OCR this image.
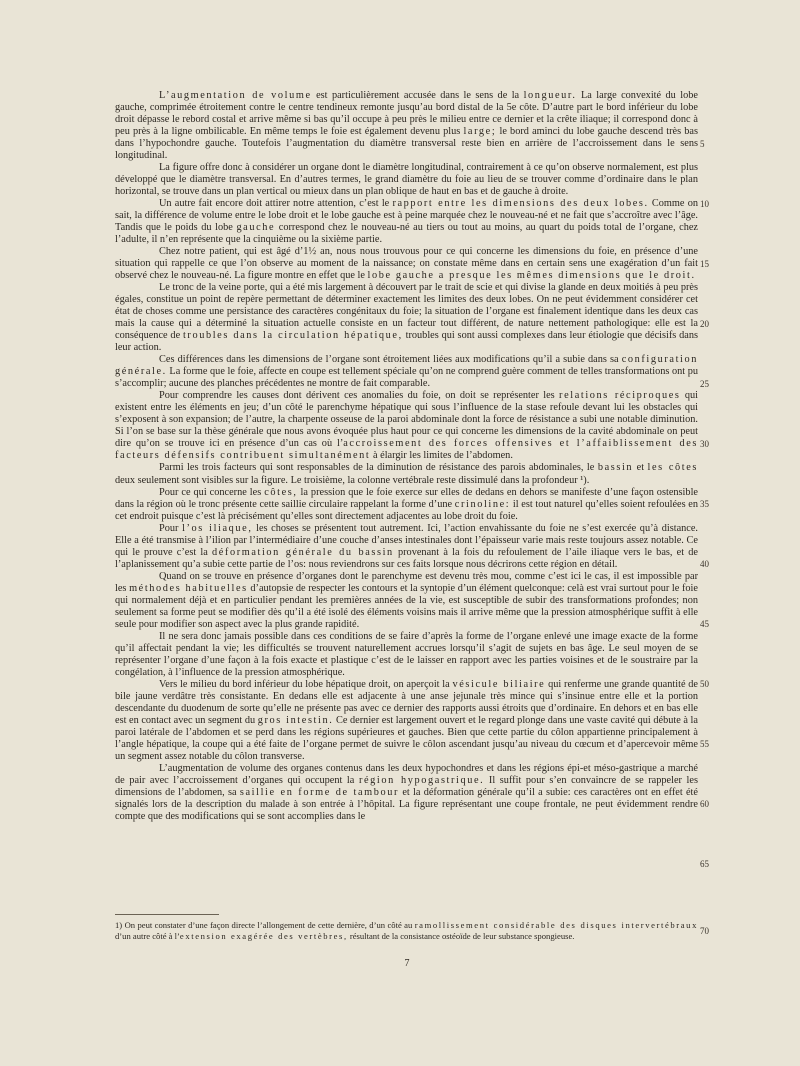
L’augmentation de volume est particulièrement accusée dans le sens de la longueur. La large convexité du lobe gauche, comprimée étroitement contre le centre tendineux remonte jusqu’au bord distal de la 5e côte. D’autre part le bord inférieur du lobe droit dépasse le rebord costal et arrive même si bas qu’il occupe à peu près le milieu entre ce dernier et la crête iliaque; il correspond donc à peu près à la ligne ombilicable. En même temps le foie est également devenu plus large; le bord aminci du lobe gauche descend très bas dans l’hypochondre gauche. Toutefois l’augmentation du diamètre transversal reste bien en arrière de l’accroissement dans le sens longitudinal.

La figure offre donc à considérer un organe dont le diamètre longitudinal, contrairement à ce qu’on observe normalement, est plus développé que le diamètre transversal. En d’autres termes, le grand diamètre du foie au lieu de se trouver comme d’ordinaire dans le plan horizontal, se trouve dans un plan vertical ou mieux dans un plan oblique de haut en bas et de gauche à droite.

Un autre fait encore doit attirer notre attention, c’est le rapport entre les dimensions des deux lobes. Comme on sait, la différence de volume entre le lobe droit et le lobe gauche est à peine marquée chez le nouveau-né et ne fait que s’accroître avec l’âge. Tandis que le poids du lobe gauche correspond chez le nouveau-né au tiers ou tout au moins, au quart du poids total de l’organe, chez l’adulte, il n’en représente que la cinquième ou la sixième partie.

Chez notre patient, qui est âgé d’1½ an, nous nous trouvous pour ce qui concerne les dimensions du foie, en présence d’une situation qui rappelle ce que l’on observe au moment de la naissance; on constate même dans en certain sens une exagération d’un fait observé chez le nouveau-né. La figure montre en effet que le lobe gauche a presque les mêmes dimensions que le droit.

Le tronc de la veine porte, qui a été mis largement à découvert par le trait de scie et qui divise la glande en deux moitiés à peu près égales, constitue un point de repère permettant de déterminer exactement les limites des deux lobes. On ne peut évidemment considérer cet état de choses comme une persistance des caractères congénitaux du foie; la situation de l’organe est finalement identique dans les deux cas mais la cause qui a déterminé la situation actuelle consiste en un facteur tout différent, de nature nettement pathologique: elle est la conséquence de troubles dans la circulation hépatique, troubles qui sont aussi complexes dans leur étiologie que décisifs dans leur action.

Ces différences dans les dimensions de l’organe sont étroitement liées aux modifications qu’il a subie dans sa configuration générale. La forme que le foie, affecte en coupe est tellement spéciale qu’on ne comprend guère comment de telles transformations ont pu s’accomplir; aucune des planches précédentes ne montre de fait comparable.

Pour comprendre les causes dont dérivent ces anomalies du foie, on doit se représenter les relations réciproques qui existent entre les éléments en jeu; d’un côté le parenchyme hépatique qui sous l’influence de la stase refoule devant lui les obstacles qui s’exposent à son expansion; de l’autre, la charpente osseuse de la paroi abdominale dont la force de résistance a subi une notable diminution. Si l’on se base sur la thèse générale que nous avons évoquée plus haut pour ce qui concerne les dimensions de la cavité abdominale on peut dire qu’on se trouve ici en présence d’un cas où l’accroissement des forces offensives et l’affaiblissement des facteurs défensifs contribuent simultanément à élargir les limites de l’abdomen.

Parmi les trois facteurs qui sont responsables de la diminution de résistance des parois abdominales, le bassin et les côtes deux seulement sont visibles sur la figure. Le troisième, la colonne vertébrale reste dissimulé dans la profondeur ¹).

Pour ce qui concerne les côtes, la pression que le foie exerce sur elles de dedans en dehors se manifeste d’une façon ostensible dans la région où le tronc présente cette saillie circulaire rappelant la forme d’une crinoline: il est tout naturel qu’elles soient refoulées en cet endroit puisque c’est là précisément qu’elles sont directement adjacentes au lobe droit du foie.

Pour l’os iliaque, les choses se présentent tout autrement. Ici, l’action envahissante du foie ne s’est exercée qu’à distance. Elle a été transmise à l’ilion par l’intermédiaire d’une couche d’anses intestinales dont l’épaisseur varie mais reste toujours assez notable. Ce qui le prouve c’est la déformation générale du bassin provenant à la fois du refoulement de l’aile iliaque vers le bas, et de l’aplanissement qu’a subie cette partie de l’os: nous reviendrons sur ces faits lorsque nous décrirons cette région en détail.

Quand on se trouve en présence d’organes dont le parenchyme est devenu très mou, comme c’est ici le cas, il est impossible par les méthodes habituelles d’autopsie de respecter les contours et la syntopie d’un élément quelconque: celà est vrai surtout pour le foie qui normalement déjà et en particulier pendant les premières années de la vie, est susceptible de subir des transformations profondes; non seulement sa forme peut se modifier dès qu’il a été isolé des éléments voisins mais il arrive même que la pression atmosphérique suffit à elle seule pour modifier son aspect avec la plus grande rapidité.

Il ne sera donc jamais possible dans ces conditions de se faire d’après la forme de l’organe enlevé une image exacte de la forme qu’il affectait pendant la vie; les difficultés se trouvent naturellement accrues lorsqu’il s’agit de sujets en bas âge. Le seul moyen de se représenter l’organe d’une façon à la fois exacte et plastique c’est de le laisser en rapport avec les parties voisines et de le soustraire par la congélation, à l’influence de la pression atmosphérique.

Vers le milieu du bord inférieur du lobe hépatique droit, on aperçoit la vésicule biliaire qui renferme une grande quantité de bile jaune verdâtre très consistante. En dedans elle est adjacente à une anse jejunale très mince qui s’insinue entre elle et la portion descendante du duodenum de sorte qu’elle ne présente pas avec ce dernier des rapports aussi étroits que d’ordinaire. En dehors et en bas elle est en contact avec un segment du gros intestin. Ce dernier est largement ouvert et le regard plonge dans une vaste cavité qui débute à la paroi latérale de l’abdomen et se perd dans les régions supérieures et gauches. Bien que cette partie du côlon appartienne principalement à l’angle hépatique, la coupe qui a été faite de l’organe permet de suivre le côlon ascendant jusqu’au niveau du cœcum et d’apercevoir même un segment assez notable du côlon transverse.

L’augmentation de volume des organes contenus dans les deux hypochondres et dans les régions épi-et méso-gastrique a marché de pair avec l’accroissement d’organes qui occupent la région hypogastrique. Il suffit pour s’en convaincre de se rappeler les dimensions de l’abdomen, sa saillie en forme de tambour et la déformation générale qu’il a subie: ces caractères ont en effet été signalés lors de la description du malade à son entrée à l’hôpital. La figure représentant une coupe frontale, ne peut évidemment rendre compte que des modifications qui se sont accomplies dans le

5
10
15
20
25
30
35
40
45
50
55
60
65
70
1) On peut constater d’une façon directe l’allongement de cette dernière, d’un côté au ramollissement considérable des disques intervertébraux d’un autre côté à l’extension exagérée des vertèbres, résultant de la consistance ostéoïde de leur substance spongieuse.
7
